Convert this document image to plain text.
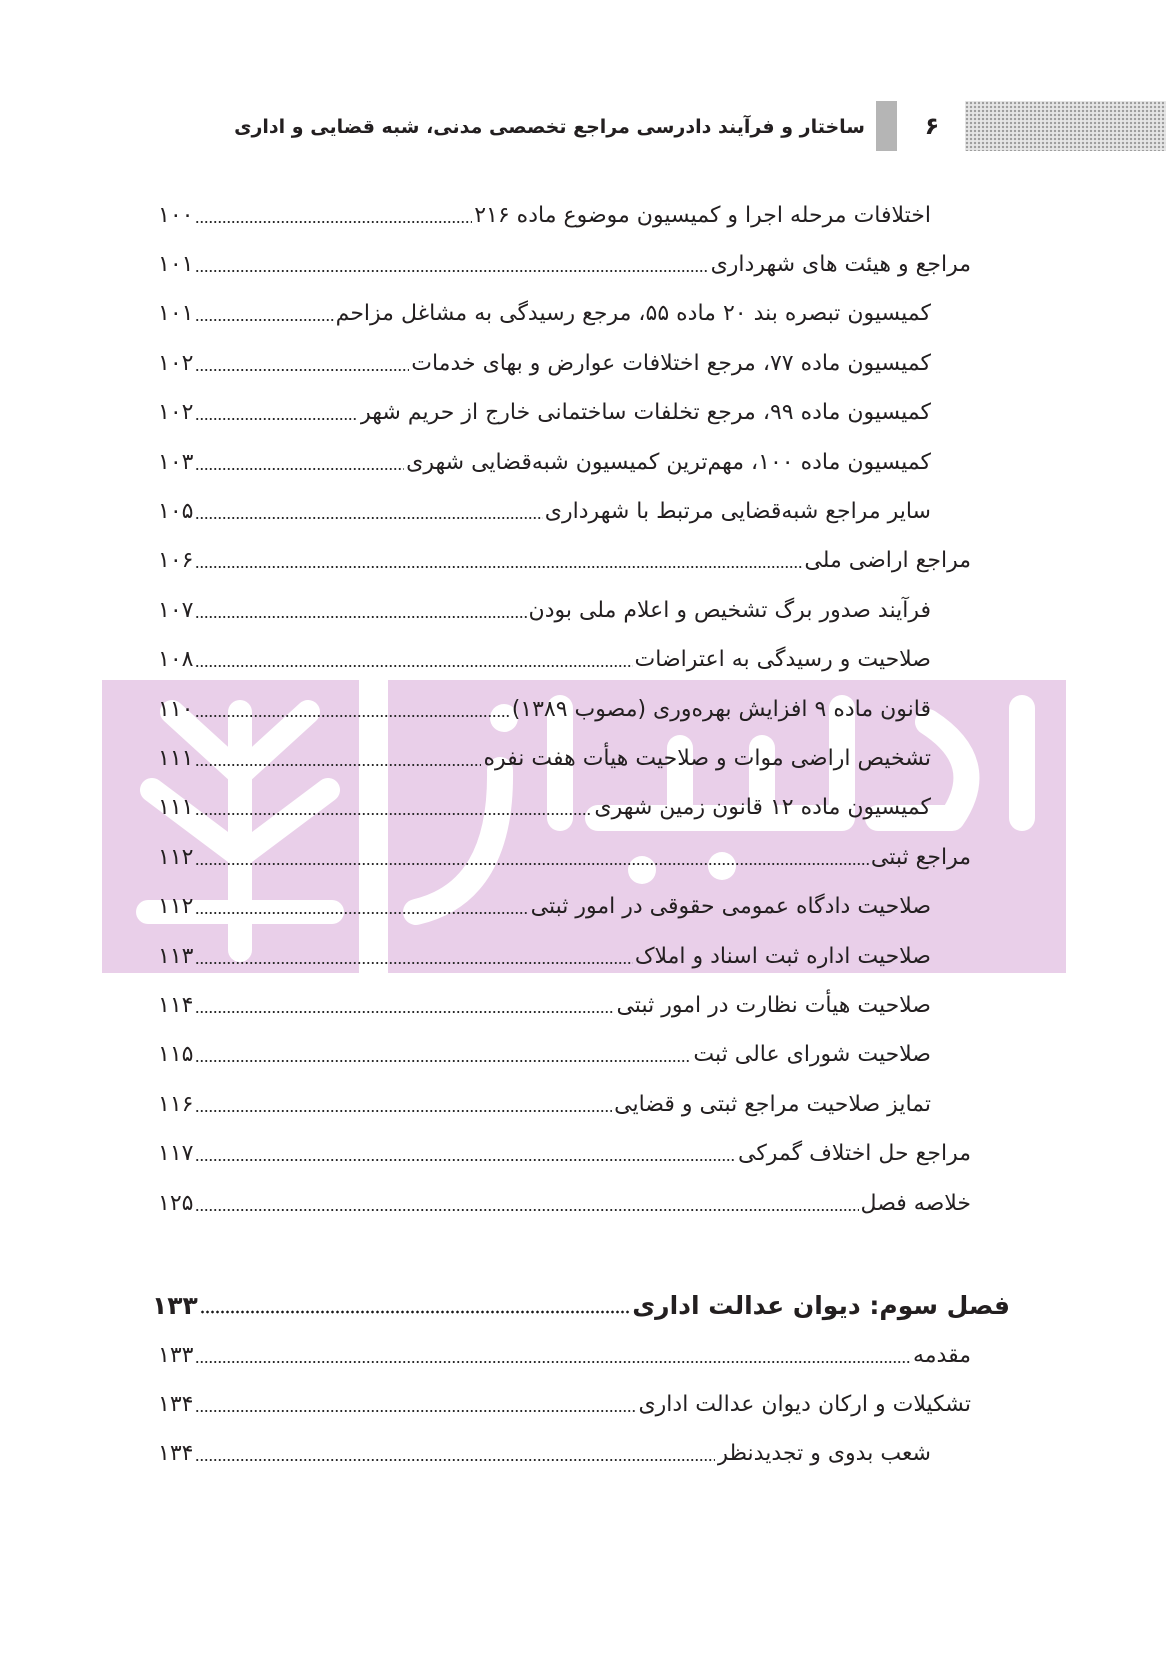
۶
ساختار و فرآیند دادرسی مراجع تخصصی مدنی، شبه قضایی و اداری
اختلافات مرحله اجرا و کمیسیون موضوع ماده ۲۱۶
۱۰۰
مراجع و هیئت های شهرداری
۱۰۱
کمیسیون تبصره بند ۲۰ ماده ۵۵، مرجع رسیدگی به مشاغل مزاحم
۱۰۱
کمیسیون ماده ۷۷، مرجع اختلافات عوارض و بهای خدمات
۱۰۲
کمیسیون ماده ۹۹، مرجع تخلفات ساختمانی خارج از حریم شهر
۱۰۲
کمیسیون ماده ۱۰۰، مهم‌ترین کمیسیون شبه‌قضایی شهری
۱۰۳
سایر مراجع شبه‌قضایی مرتبط با شهرداری
۱۰۵
مراجع اراضی ملی
۱۰۶
فرآیند صدور برگ تشخیص و اعلام ملی بودن
۱۰۷
صلاحیت و رسیدگی به اعتراضات
۱۰۸
قانون ماده ۹ افزایش بهره‌وری (مصوب ۱۳۸۹)
۱۱۰
تشخیص اراضی موات و صلاحیت هیأت هفت نفره
۱۱۱
کمیسیون ماده ۱۲ قانون زمین شهری
۱۱۱
مراجع ثبتی
۱۱۲
صلاحیت دادگاه عمومی حقوقی در امور ثبتی
۱۱۲
صلاحیت اداره ثبت اسناد و املاک
۱۱۳
صلاحیت هیأت نظارت در امور ثبتی
۱۱۴
صلاحیت شورای عالی ثبت
۱۱۵
تمایز صلاحیت مراجع ثبتی و قضایی
۱۱۶
مراجع حل اختلاف گمرکی
۱۱۷
خلاصه فصل
۱۲۵
فصل سوم: دیوان عدالت اداری
۱۳۳
مقدمه
۱۳۳
تشکیلات و ارکان دیوان عدالت اداری
۱۳۴
شعب بدوی و تجدیدنظر
۱۳۴
